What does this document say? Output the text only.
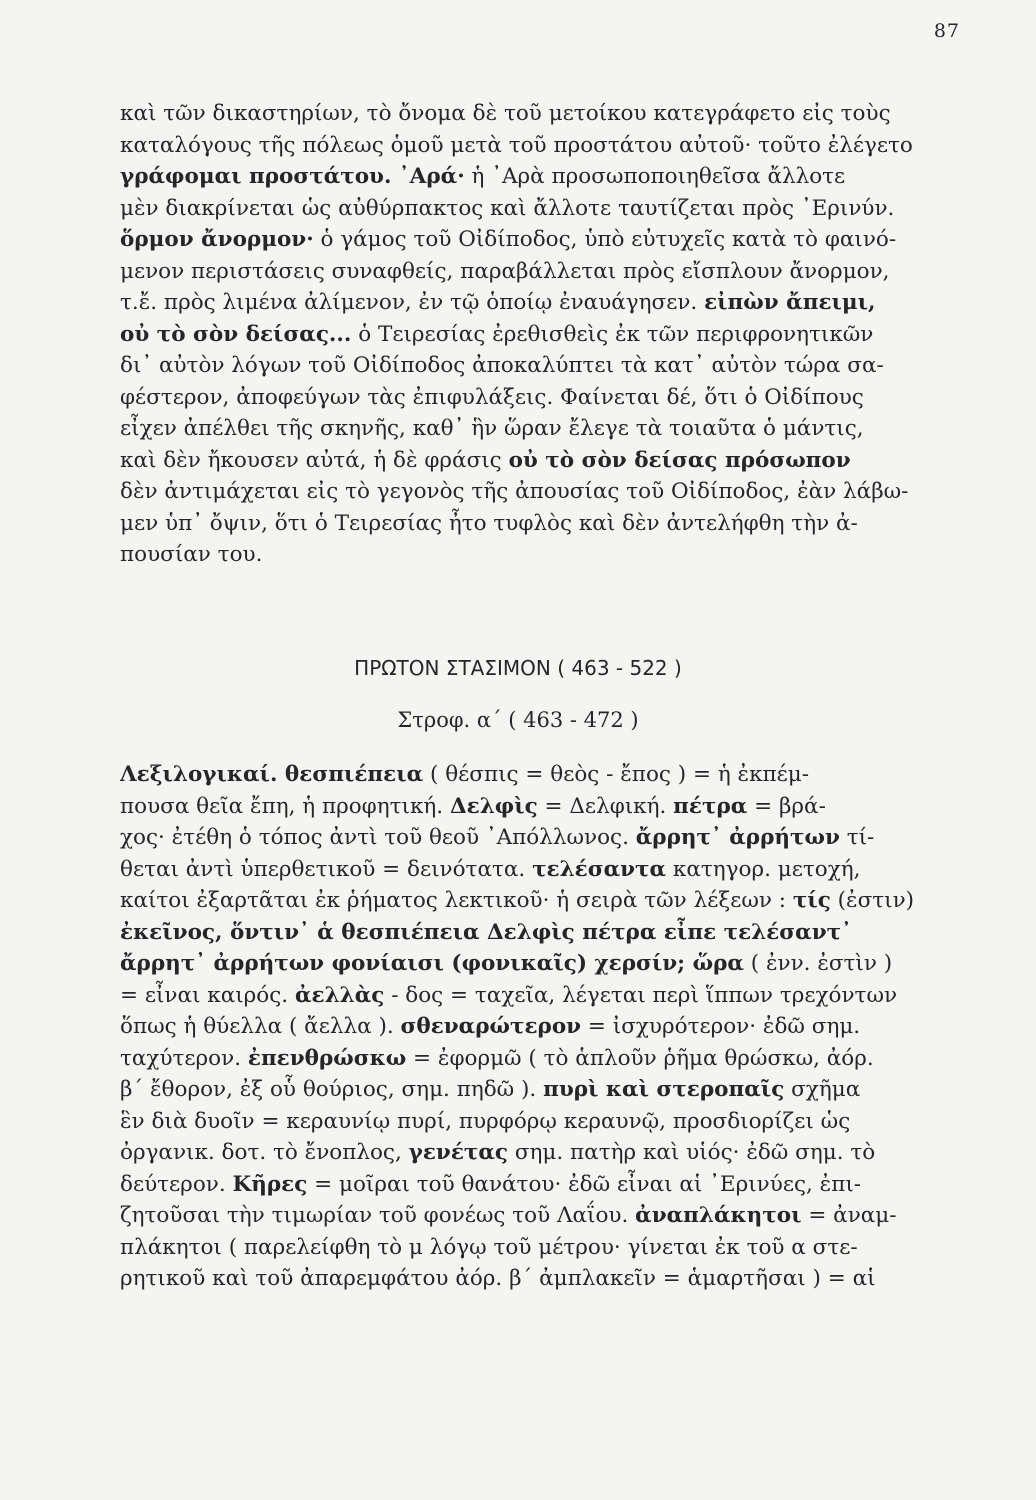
87
καὶ τῶν δικαστηρίων, τὸ ὄνομα δὲ τοῦ μετοίκου κατεγράφετο εἰς τοὺς
καταλόγους τῆς πόλεως ὁμοῦ μετὰ τοῦ προστάτου αὐτοῦ· τοῦτο ἐλέγετο
γράφομαι προστάτου. ᾿Αρά· ἡ ᾿Αρὰ προσωποποιηθεῖσα ἄλλοτε
μὲν διακρίνεται ὡς αὐθύρπακτος καὶ ἄλλοτε ταυτίζεται πρὸς ᾿Ερινύν.
ὅρμον ἄνορμον· ὁ γάμος τοῦ Οἰδίποδος, ὑπὸ εὐτυχεῖς κατὰ τὸ φαινό-
μενον περιστάσεις συναφθείς, παραβάλλεται πρὸς εἴσπλουν ἄνορμον,
τ.ἔ. πρὸς λιμένα ἀλίμενον, ἐν τῷ ὁποίῳ ἐναυάγησεν. εἰπὼν ἄπειμι,
οὐ τὸ σὸν δείσας... ὁ Τειρεσίας ἐρεθισθεὶς ἐκ τῶν περιφρονητικῶν
δι᾿ αὐτὸν λόγων τοῦ Οἰδίποδος ἀποκαλύπτει τὰ κατ᾿ αὐτὸν τώρα σα-
φέστερον, ἀποφεύγων τὰς ἐπιφυλάξεις. Φαίνεται δέ, ὅτι ὁ Οἰδίπους
εἶχεν ἀπέλθει τῆς σκηνῆς, καθ᾿ ἣν ὥραν ἔλεγε τὰ τοιαῦτα ὁ μάντις,
καὶ δὲν ἤκουσεν αὐτά, ἡ δὲ φράσις οὐ τὸ σὸν δείσας πρόσωπον
δὲν ἀντιμάχεται εἰς τὸ γεγονὸς τῆς ἀπουσίας τοῦ Οἰδίποδος, ἐὰν λάβω-
μεν ὑπ᾿ ὄψιν, ὅτι ὁ Τειρεσίας ἦτο τυφλὸς καὶ δὲν ἀντελήφθη τὴν ἀ-
πουσίαν του.
ΠΡΩΤΟΝ ΣΤΑΣΙΜΟΝ ( 463 - 522 )
Στροφ. α΄ ( 463 - 472 )
Λεξιλογικαί. θεσπιέπεια ( θέσπις = θεὸς - ἔπος ) = ἡ ἐκπέμ-
πουσα θεῖα ἔπη, ἡ προφητική. Δελφὶς = Δελφική. πέτρα = βρά-
χος· ἐτέθη ὁ τόπος ἀντὶ τοῦ θεοῦ ᾿Απόλλωνος. ἄρρητ᾿ ἀρρήτων τί-
θεται ἀντὶ ὑπερθετικοῦ = δεινότατα. τελέσαντα κατηγορ. μετοχή,
καίτοι ἐξαρτᾶται ἐκ ῥήματος λεκτικοῦ· ἡ σειρὰ τῶν λέξεων : τίς (ἐστιν)
ἐκεῖνος, ὅντιν᾿ ἁ θεσπιέπεια Δελφὶς πέτρα εἶπε τελέσαντ᾿
ἄρρητ᾿ ἀρρήτων φονίαισι (φονικαῖς) χερσίν; ὥρα ( ἐνν. ἐστὶν )
= εἶναι καιρός. ἀελλὰς - δος = ταχεῖα, λέγεται περὶ ἵππων τρεχόντων
ὅπως ἡ θύελλα ( ἄελλα ). σθεναρώτερον = ἰσχυρότερον· ἐδῶ σημ.
ταχύτερον. ἐπενθρώσκω = ἐφορμῶ ( τὸ ἁπλοῦν ῥῆμα θρώσκω, ἀόρ.
β΄ ἔθορον, ἐξ οὗ θούριος, σημ. πηδῶ ). πυρὶ καὶ στεροπαῖς σχῆμα
ἓν διὰ δυοῖν = κεραυνίῳ πυρί, πυρφόρῳ κεραυνῷ, προσδιορίζει ὡς
ὀργανικ. δοτ. τὸ ἔνοπλος, γενέτας σημ. πατὴρ καὶ υἱός· ἐδῶ σημ. τὸ
δεύτερον. Κῆρες = μοῖραι τοῦ θανάτου· ἐδῶ εἶναι αἱ ᾿Ερινύες, ἐπι-
ζητοῦσαι τὴν τιμωρίαν τοῦ φονέως τοῦ Λαΐου. ἀναπλάκητοι = ἀναμ-
πλάκητοι ( παρελείφθη τὸ μ λόγῳ τοῦ μέτρου· γίνεται ἐκ τοῦ α στε-
ρητικοῦ καὶ τοῦ ἀπαρεμφάτου ἀόρ. β΄ ἀμπλακεῖν = ἁμαρτῆσαι ) = αἱ
